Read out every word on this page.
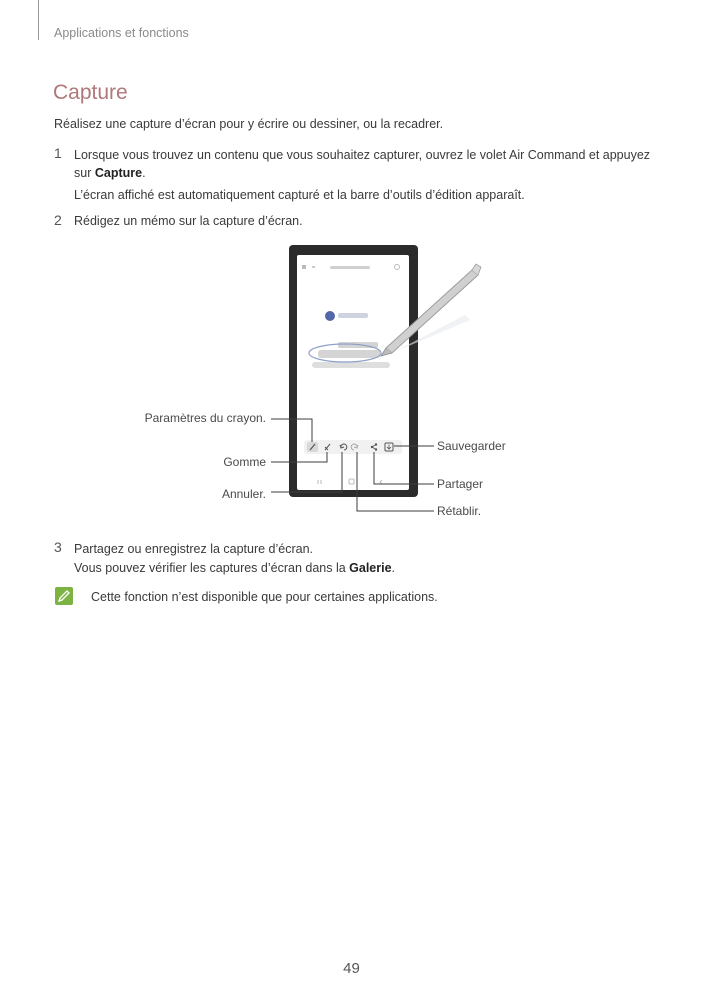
Applications et fonctions
Capture
Réalisez une capture d’écran pour y écrire ou dessiner, ou la recadrer.
1 Lorsque vous trouvez un contenu que vous souhaitez capturer, ouvrez le volet Air Command et appuyez
sur Capture.
L’écran affiché est automatiquement capturé et la barre d’outils d’édition apparaît.
2 Rédigez un mémo sur la capture d’écran.
Paramètres du crayon.
Gomme
Annuler.
Sauvegarder
Partager
Rétablir.
3 Partagez ou enregistrez la capture d’écran.
Vous pouvez vérifier les captures d’écran dans la Galerie.
Cette fonction n’est disponible que pour certaines applications.
49
